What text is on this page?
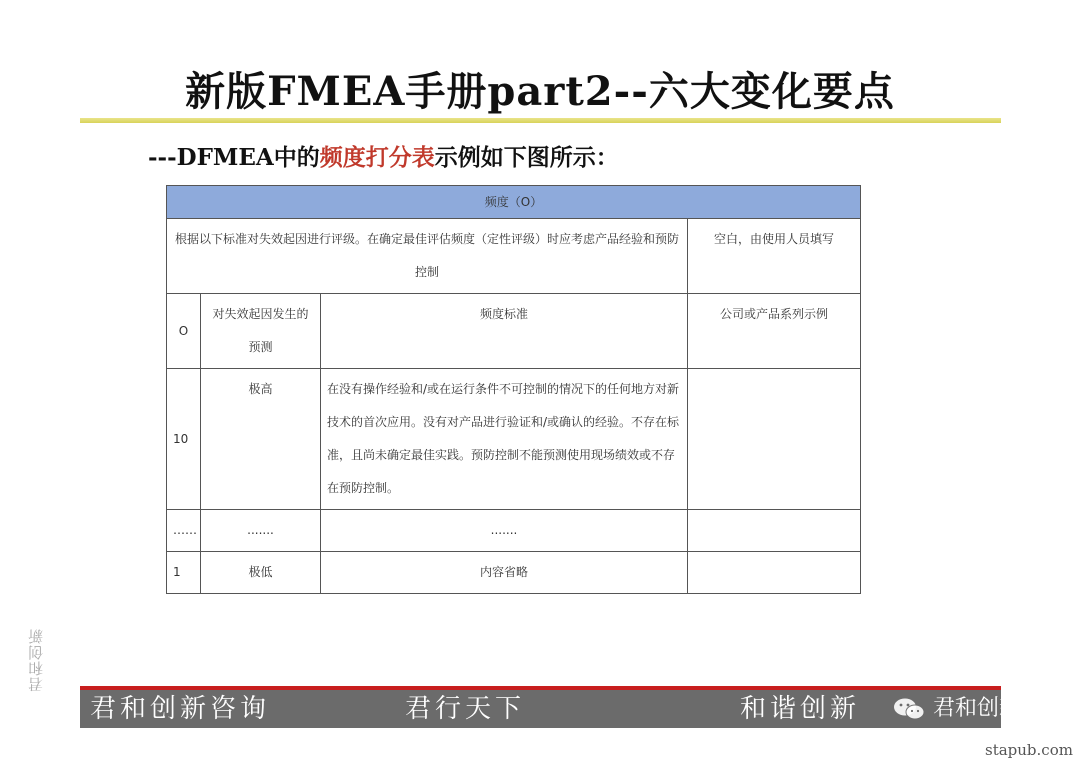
新版FMEA手册part2--六大变化要点
---DFMEA中的频度打分表示例如下图所示：
频度（O）			
根据以下标准对失效起因进行评级。在确定最佳评估频度（定性评级）时应考虑产品经验和预防控制			空白，由使用人员填写
O	对失效起因发生的预测	频度标准	公司或产品系列示例
10	极高	在没有操作经验和/或在运行条件不可控制的情况下的任何地方对新技术的首次应用。没有对产品进行验证和/或确认的经验。不存在标准，且尚未确定最佳实践。预防控制不能预测使用现场绩效或不存在预防控制。	
……	.......	.......	
1	极低	内容省略	
君和创新咨询	君行天下	和谐创新	君和创新
君和创新
stapub.com
